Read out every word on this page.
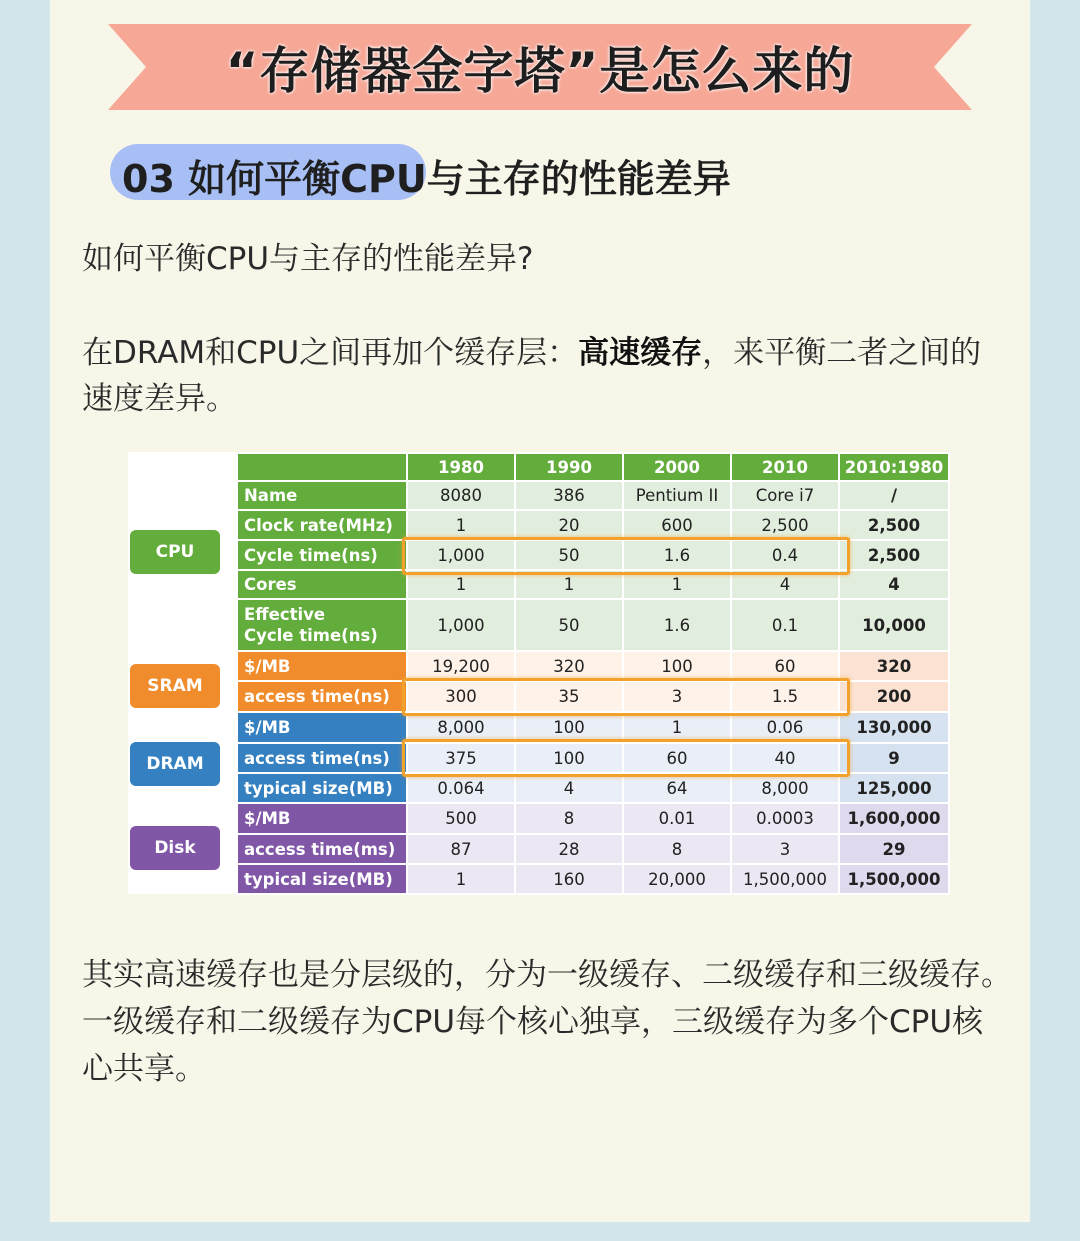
“存储器金字塔”是怎么来的
03 如何平衡CPU与主存的性能差异
如何平衡CPU与主存的性能差异?
在DRAM和CPU之间再加个缓存层：高速缓存，来平衡二者之间的速度差异。
CPU
SRAM
DRAM
Disk
	1980	1990	2000	2010	2010:1980
Name	8080	386	Pentium II	Core i7	/
Clock rate(MHz)	1	20	600	2,500	2,500
Cycle time(ns)	1,000	50	1.6	0.4	2,500
Cores	1	1	1	4	4
Effective
Cycle time(ns)	1,000	50	1.6	0.1	10,000
$/MB	19,200	320	100	60	320
access time(ns)	300	35	3	1.5	200
$/MB	8,000	100	1	0.06	130,000
access time(ns)	375	100	60	40	9
typical size(MB)	0.064	4	64	8,000	125,000
$/MB	500	8	0.01	0.0003	1,600,000
access time(ms)	87	28	8	3	29
typical size(MB)	1	160	20,000	1,500,000	1,500,000
其实高速缓存也是分层级的，分为一级缓存、二级缓存和三级缓存。一级缓存和二级缓存为CPU每个核心独享，三级缓存为多个CPU核心共享。
